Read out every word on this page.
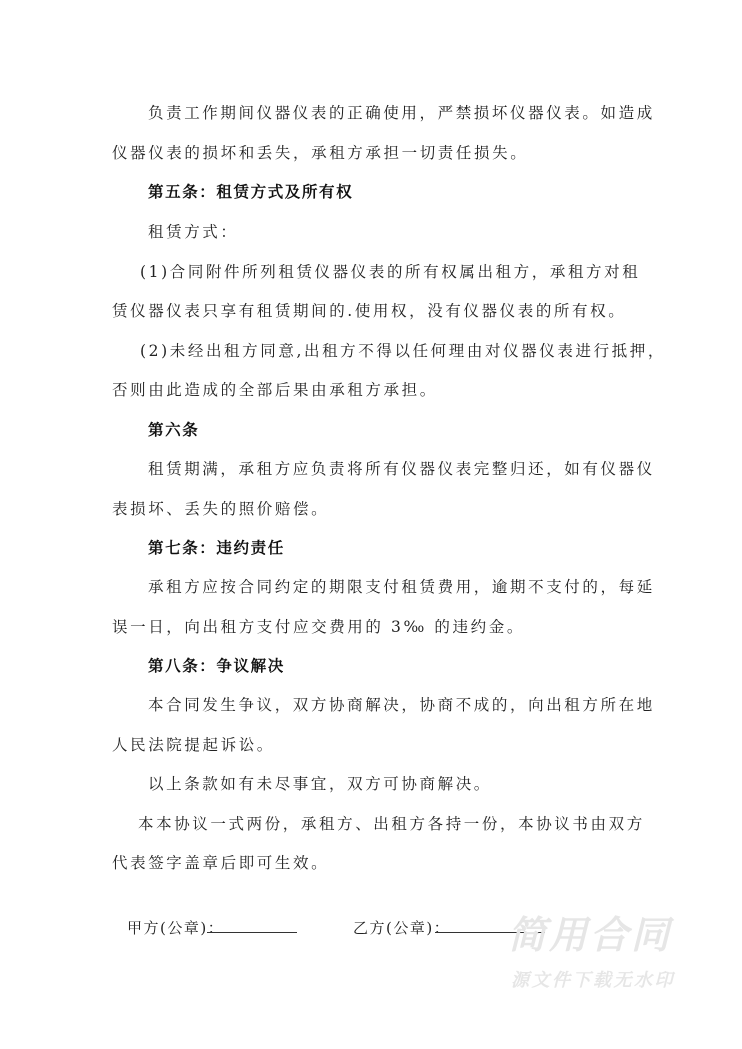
负责工作期间仪器仪表的正确使用，严禁损坏仪器仪表。如造成
仪器仪表的损坏和丢失，承租方承担一切责任损失。
第五条：租赁方式及所有权
租赁方式：
(1)合同附件所列租赁仪器仪表的所有权属出租方，承租方对租
赁仪器仪表只享有租赁期间的.使用权，没有仪器仪表的所有权。
(2)未经出租方同意,出租方不得以任何理由对仪器仪表进行抵押，
否则由此造成的全部后果由承租方承担。
第六条
租赁期满，承租方应负责将所有仪器仪表完整归还，如有仪器仪
表损坏、丢失的照价赔偿。
第七条：违约责任
承租方应按合同约定的期限支付租赁费用，逾期不支付的，每延
误一日，向出租方支付应交费用的 3‰ 的违约金。
第八条：争议解决
本合同发生争议，双方协商解决，协商不成的，向出租方所在地
人民法院提起诉讼。
以上条款如有未尽事宜，双方可协商解决。
本本协议一式两份，承租方、出租方各持一份，本协议书由双方
代表签字盖章后即可生效。
甲方(公章)：	乙方(公章)： 简用合同
源文件下载无水印
